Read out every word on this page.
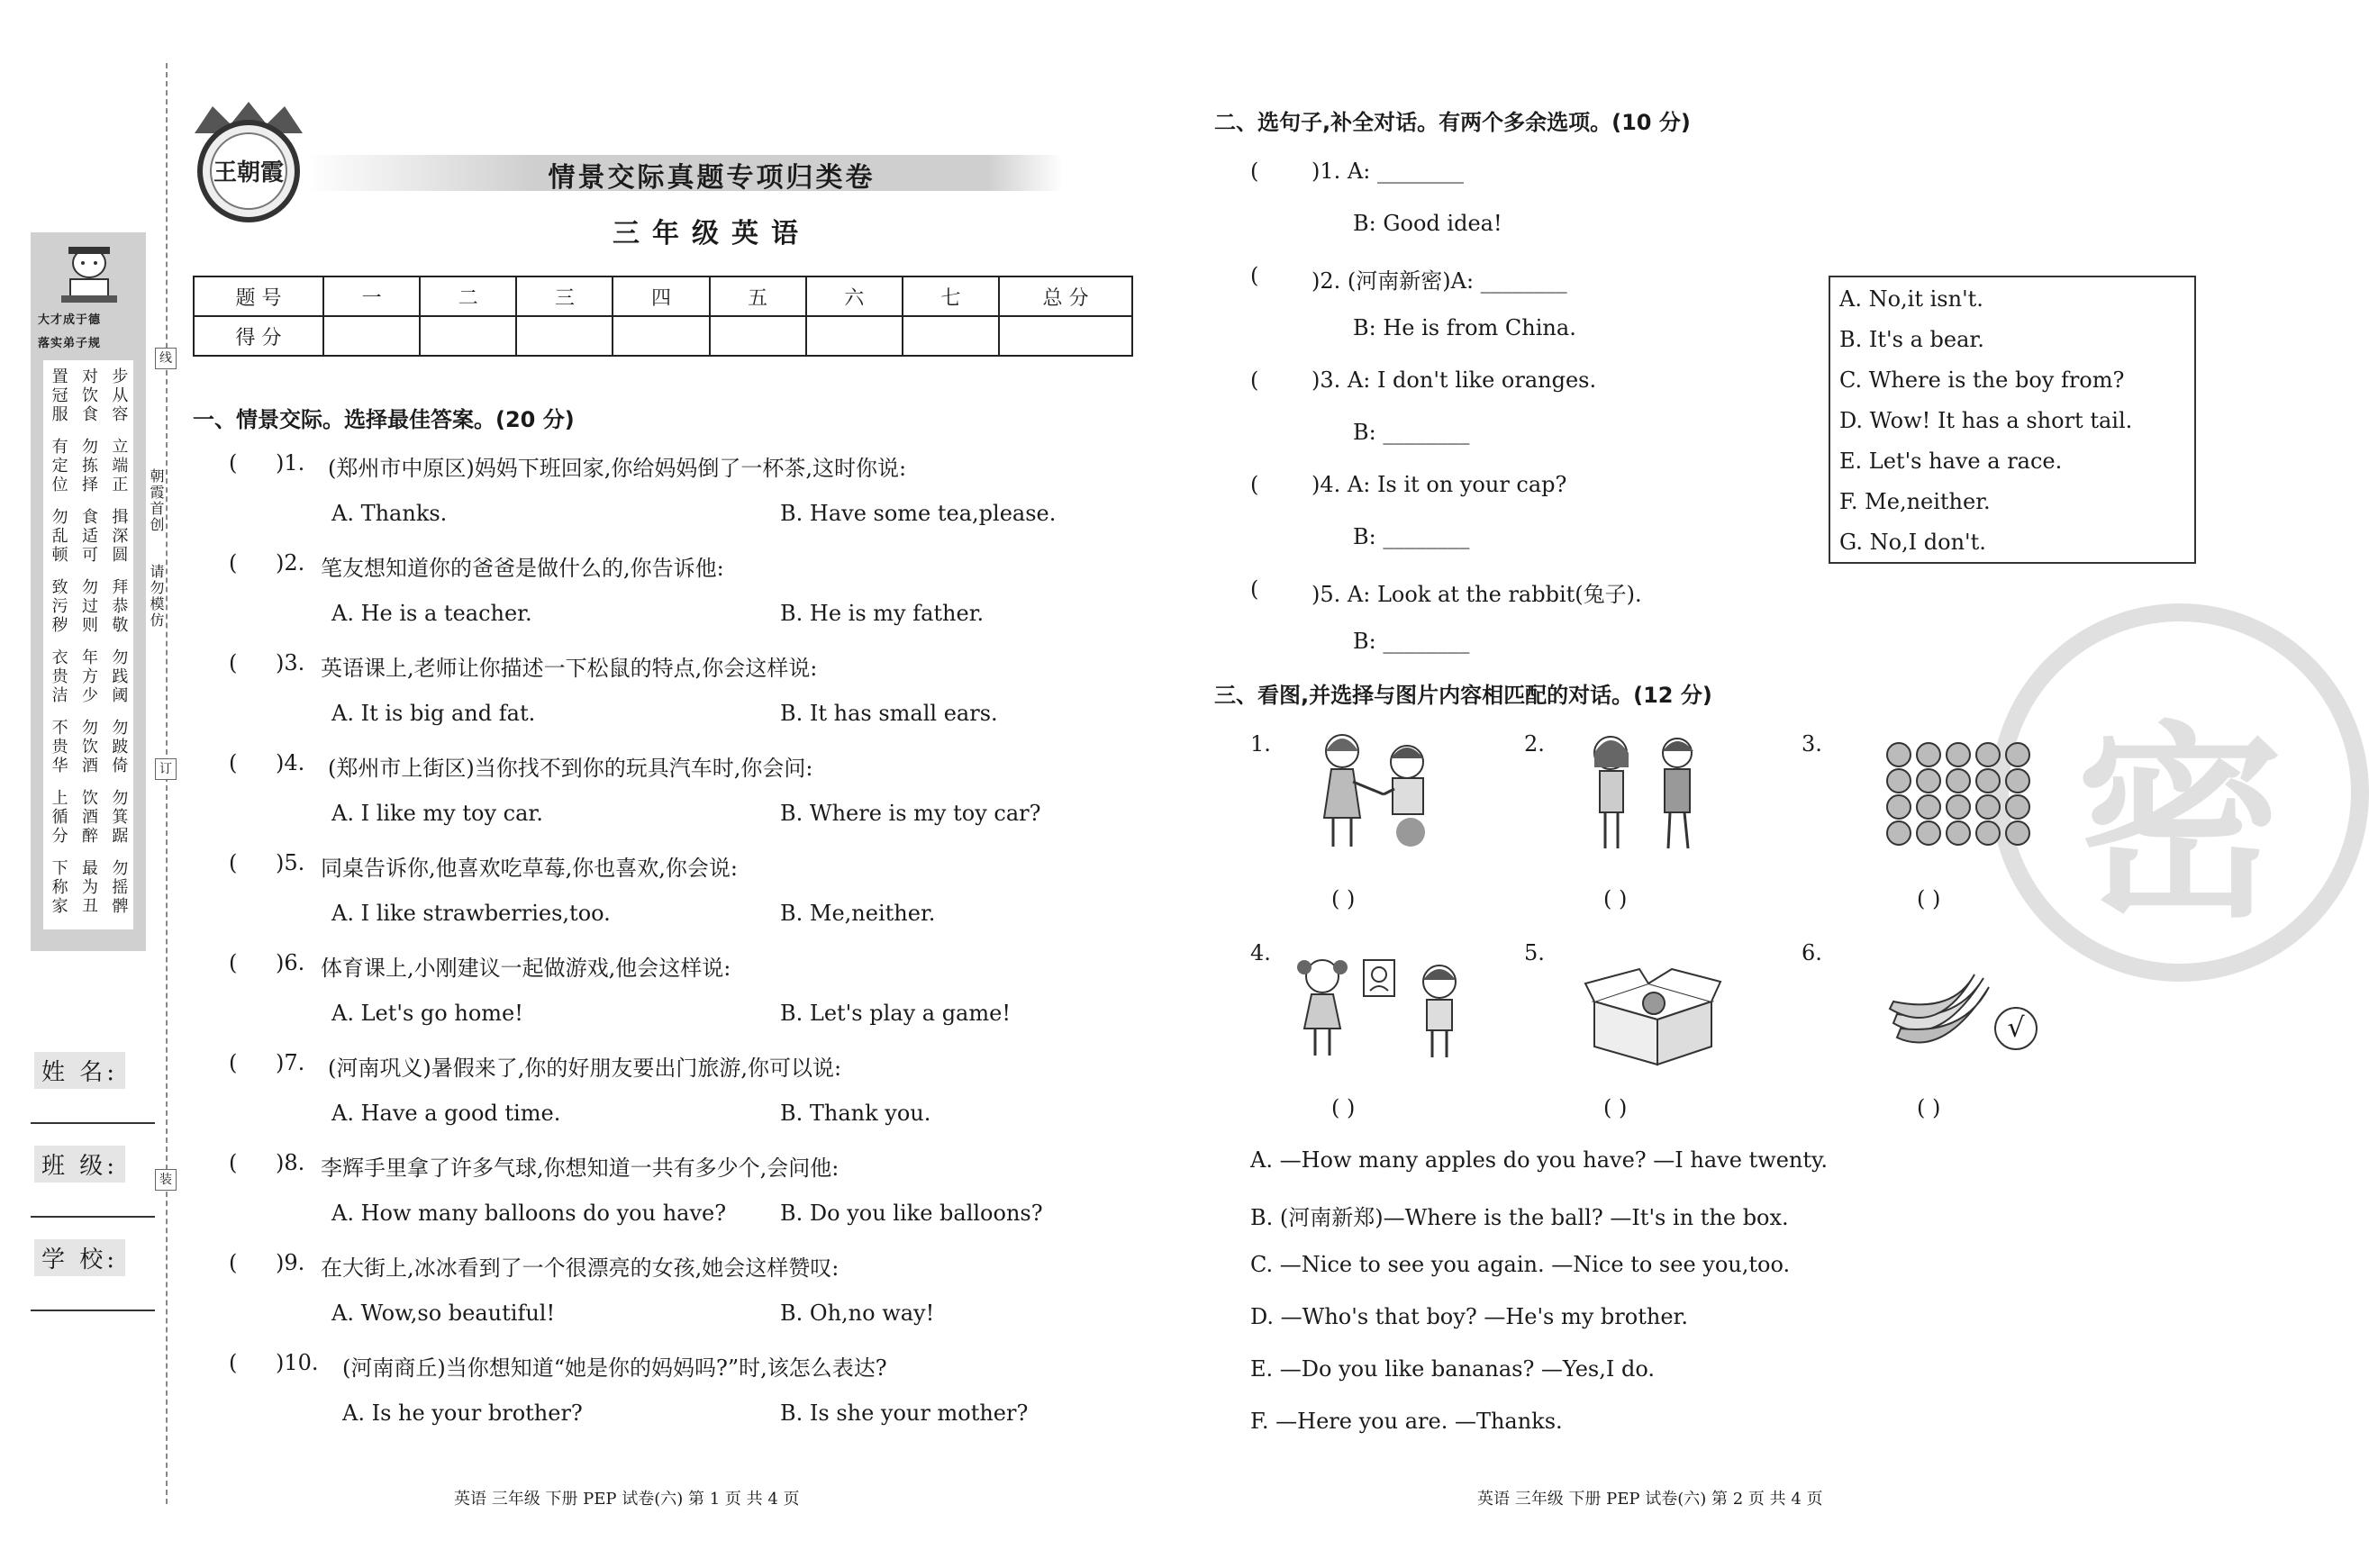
大才成于德
落实弟子规
置冠服 对饮食 步从容
有定位 勿拣择 立端正
勿乱顿 食适可 揖深圆
致污秽 勿过则 拜恭敬
衣贵洁 年方少 勿践阈
不贵华 勿饮酒 勿跛倚
上循分 饮酒醉 勿箕踞
下称家 最为丑 勿摇髀
朝霞首创
请勿模仿
线
订
装
姓 名:
班 级:
学 校:
王朝霞	情景交际真题专项归类卷
三年级英语
题 号	一	二	三	四	五	六	七	总 分
得 分								
一、情景交际。选择最佳答案。(20 分)
( )1. (郑州市中原区)妈妈下班回家,你给妈妈倒了一杯茶,这时你说:
A. Thanks.	B. Have some tea,please.
( )2. 笔友想知道你的爸爸是做什么的,你告诉他:
A. He is a teacher.	B. He is my father.
( )3. 英语课上,老师让你描述一下松鼠的特点,你会这样说:
A. It is big and fat.	B. It has small ears.
( )4. (郑州市上街区)当你找不到你的玩具汽车时,你会问:
A. I like my toy car.	B. Where is my toy car?
( )5. 同桌告诉你,他喜欢吃草莓,你也喜欢,你会说:
A. I like strawberries,too.	B. Me,neither.
( )6. 体育课上,小刚建议一起做游戏,他会这样说:
A. Let's go home!	B. Let's play a game!
( )7. (河南巩义)暑假来了,你的好朋友要出门旅游,你可以说:
A. Have a good time.	B. Thank you.
( )8. 李辉手里拿了许多气球,你想知道一共有多少个,会问他:
A. How many balloons do you have? B. Do you like balloons?
( )9. 在大街上,冰冰看到了一个很漂亮的女孩,她会这样赞叹:
A. Wow,so beautiful!	B. Oh,no way!
( )10. (河南商丘)当你想知道“她是你的妈妈吗?”时,该怎么表达?
A. Is he your brother?	B. Is she your mother?
英语 三年级 下册 PEP 试卷(六) 第 1 页 共 4 页
密
二、选句子,补全对话。有两个多余选项。(10 分)
( )1. A: ________
B: Good idea!
( )2. (河南新密)A: ________
B: He is from China.
( )3. A: I don't like oranges.
B: ________
( )4. A: Is it on your cap?
B: ________
( )5. A: Look at the rabbit(兔子).
B: ________
A. No,it isn't.
B. It's a bear.
C. Where is the boy from?
D. Wow! It has a short tail.
E. Let's have a race.
F. Me,neither.
G. No,I don't.
三、看图,并选择与图片内容相匹配的对话。(12 分)
1.	2.	3.
4.	5.	6.
( )	( )	( )
( )	( )
√
( )
A. —How many apples do you have? —I have twenty.
B. (河南新郑)—Where is the ball? —It's in the box.
C. —Nice to see you again. —Nice to see you,too.
D. —Who's that boy? —He's my brother.
E. —Do you like bananas? —Yes,I do.
F. —Here you are. —Thanks.
英语 三年级 下册 PEP 试卷(六) 第 2 页 共 4 页
